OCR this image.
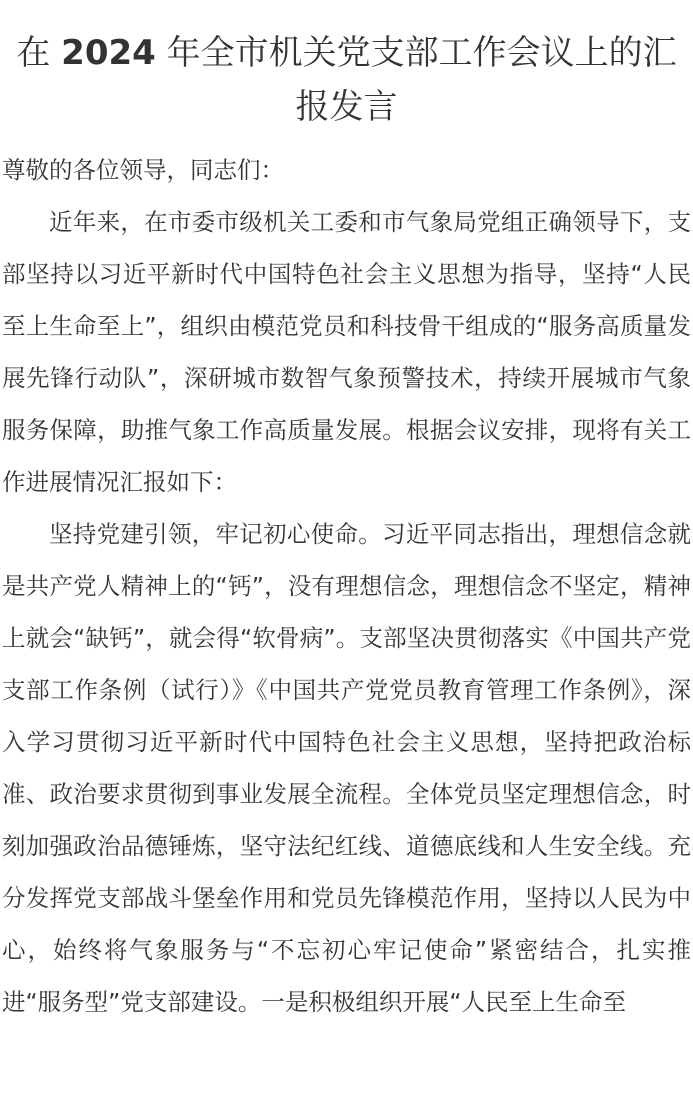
在 2024 年全市机关党支部工作会议上的汇报发言

尊敬的各位领导，同志们：

近年来，在市委市级机关工委和市气象局党组正确领导下，支部坚持以习近平新时代中国特色社会主义思想为指导，坚持“人民至上生命至上”，组织由模范党员和科技骨干组成的“服务高质量发展先锋行动队”，深研城市数智气象预警技术，持续开展城市气象服务保障，助推气象工作高质量发展。根据会议安排，现将有关工作进展情况汇报如下：

坚持党建引领，牢记初心使命。习近平同志指出，理想信念就是共产党人精神上的“钙”，没有理想信念，理想信念不坚定，精神上就会“缺钙”，就会得“软骨病”。支部坚决贯彻落实《中国共产党支部工作条例（试行）》《中国共产党党员教育管理工作条例》，深入学习贯彻习近平新时代中国特色社会主义思想，坚持把政治标准、政治要求贯彻到事业发展全流程。全体党员坚定理想信念，时刻加强政治品德锤炼，坚守法纪红线、道德底线和人生安全线。充分发挥党支部战斗堡垒作用和党员先锋模范作用，坚持以人民为中心，始终将气象服务与“不忘初心牢记使命”紧密结合，扎实推进“服务型”党支部建设。一是积极组织开展“人民至上生命至
